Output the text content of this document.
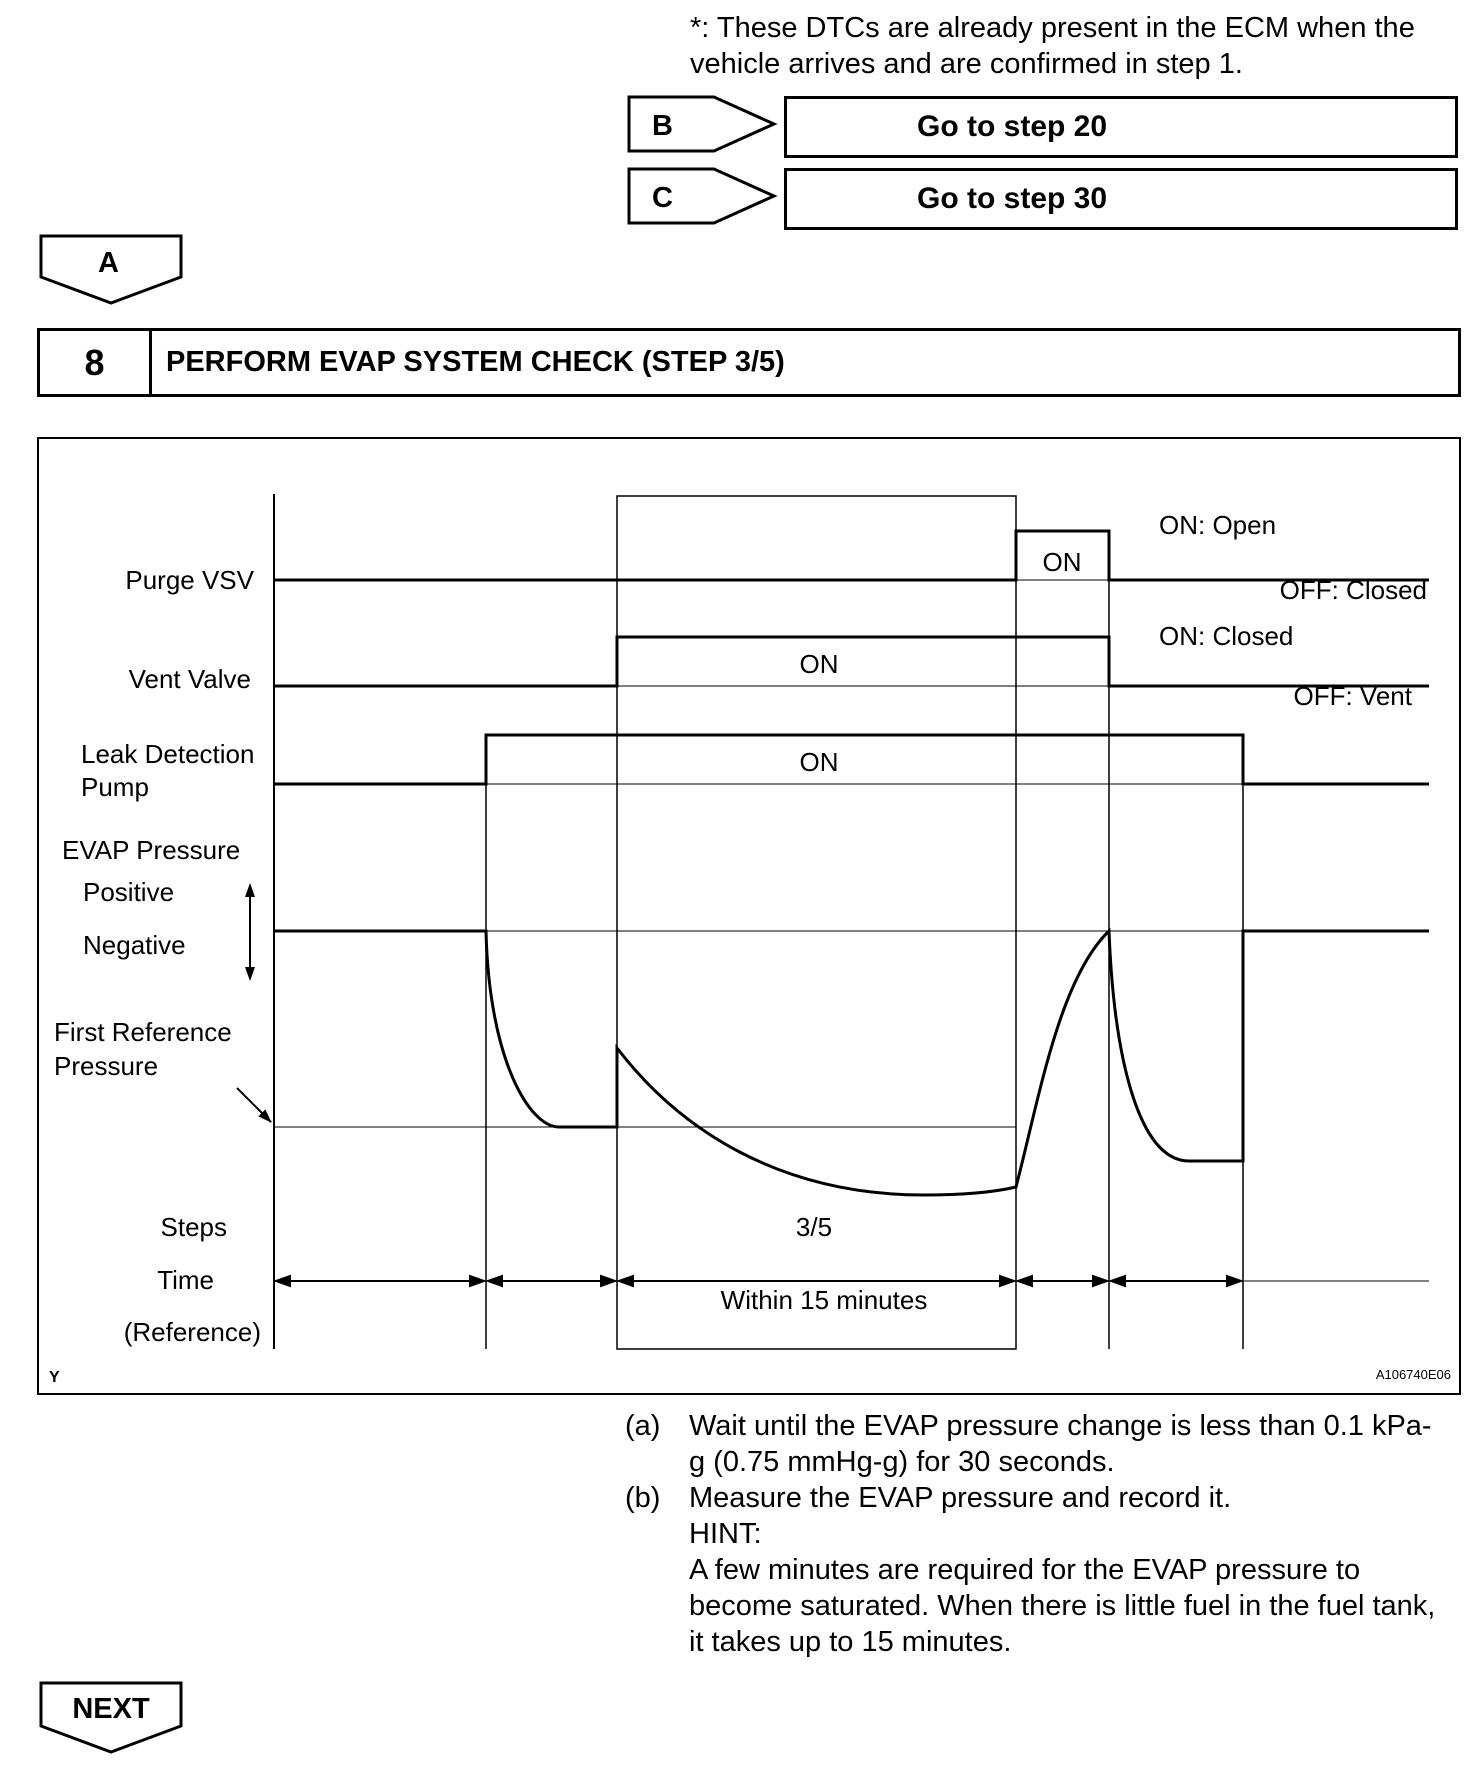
*: These DTCs are already present in the ECM when the vehicle arrives and are confirmed in step 1.
B	Go to step 20
C	Go to step 30
A
8	PERFORM EVAP SYSTEM CHECK (STEP 3/5)
Purge VSV
ON
ON: Open
OFF: Closed
Vent Valve	ON
ON: Closed
OFF: Vent
Leak Detection
Pump
ON
EVAP Pressure
Positive
Negative
First Reference
Pressure
Steps	3/5
Time
(Reference)
Within 15 minutes
Y	A106740E06
(a) Wait until the EVAP pressure change is less than 0.1 kPa-g (0.75 mmHg-g) for 30 seconds.
(b) Measure the EVAP pressure and record it.
HINT:
A few minutes are required for the EVAP pressure to become saturated. When there is little fuel in the fuel tank, it takes up to 15 minutes.
NEXT
